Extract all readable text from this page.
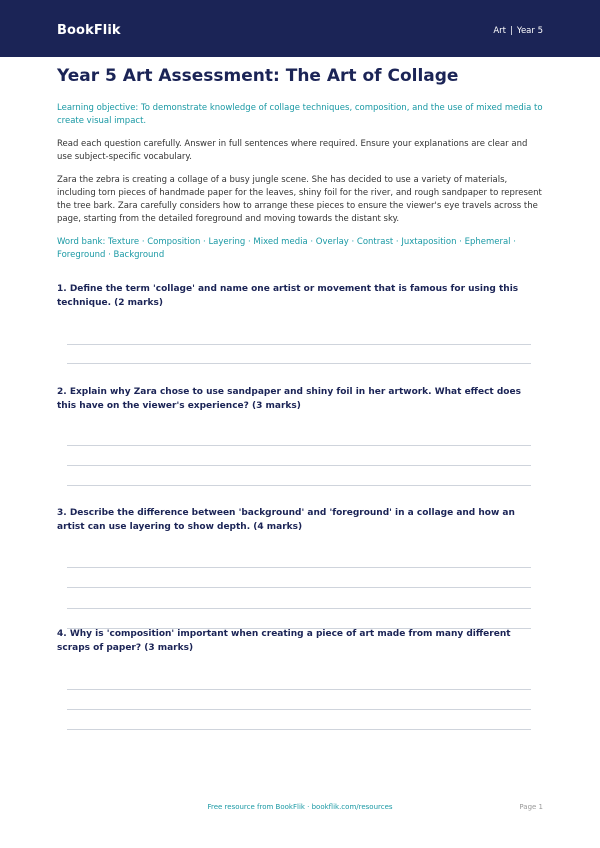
BookFlik	Art | Year 5
Year 5 Art Assessment: The Art of Collage

Learning objective: To demonstrate knowledge of collage techniques, composition, and the use of mixed media to create visual impact.

Read each question carefully. Answer in full sentences where required. Ensure your explanations are clear and use subject-specific vocabulary.

Zara the zebra is creating a collage of a busy jungle scene. She has decided to use a variety of materials, including torn pieces of handmade paper for the leaves, shiny foil for the river, and rough sandpaper to represent the tree bark. Zara carefully considers how to arrange these pieces to ensure the viewer's eye travels across the page, starting from the detailed foreground and moving towards the distant sky.

Word bank: Texture · Composition · Layering · Mixed media · Overlay · Contrast · Juxtaposition · Ephemeral · Foreground · Background

1. Define the term 'collage' and name one artist or movement that is famous for using this technique. (2 marks)

2. Explain why Zara chose to use sandpaper and shiny foil in her artwork. What effect does this have on the viewer's experience? (3 marks)

3. Describe the difference between 'background' and 'foreground' in a collage and how an artist can use layering to show depth. (4 marks)

4. Why is 'composition' important when creating a piece of art made from many different scraps of paper? (3 marks)

Free resource from BookFlik · bookflik.com/resources	Page 1
